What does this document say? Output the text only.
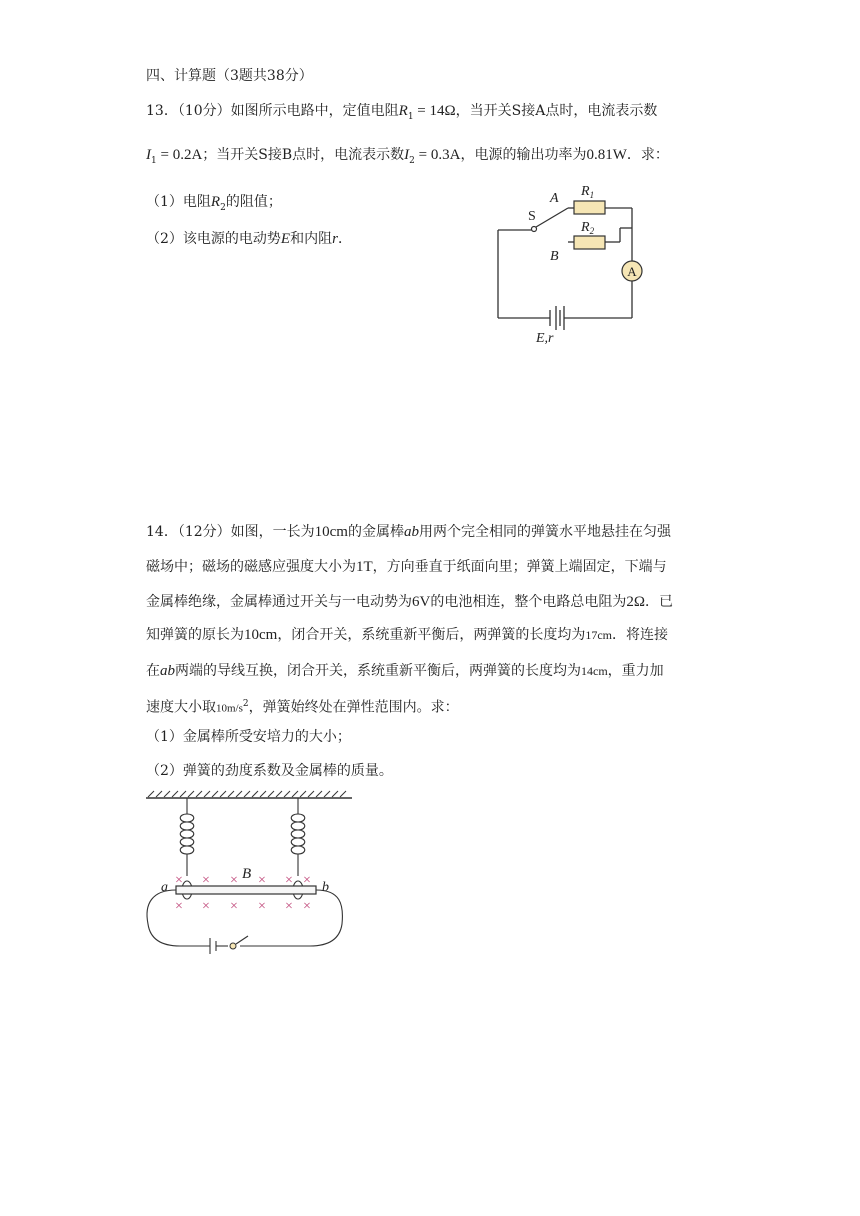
四、计算题（3题共38分）
13．（10分）如图所示电路中，定值电阻$R_1 = 14\Omega$，当开关S接A点时，电流表示数
$I_1 = 0.2A$；当开关S接B点时，电流表示数$I_2 = 0.3A$，电源的输出功率为0.81W．求：
（1）电阻$R_2$的阻值；
（2）该电源的电动势E和内阻r．
A
A
B
S
$R_1$
$R_2$
E,r
14．（12分）如图，一长为10cm的金属棒ab用两个完全相同的弹簧水平地悬挂在匀强
磁场中；磁场的磁感应强度大小为1T，方向垂直于纸面向里；弹簧上端固定，下端与
金属棒绝缘，金属棒通过开关与一电动势为6V的电池相连，整个电路总电阻为2Ω．已
知弹簧的原长为10cm，闭合开关，系统重新平衡后，两弹簧的长度均为17cm．将连接
在ab两端的导线互换，闭合开关，系统重新平衡后，两弹簧的长度均为14cm，重力加
速度大小取$10m/s^2$，弹簧始终处在弹性范围内。求：
（1）金属棒所受安培力的大小；
（2）弹簧的劲度系数及金属棒的质量。
× × × × × ×
× × × × × ×
a	b
B
